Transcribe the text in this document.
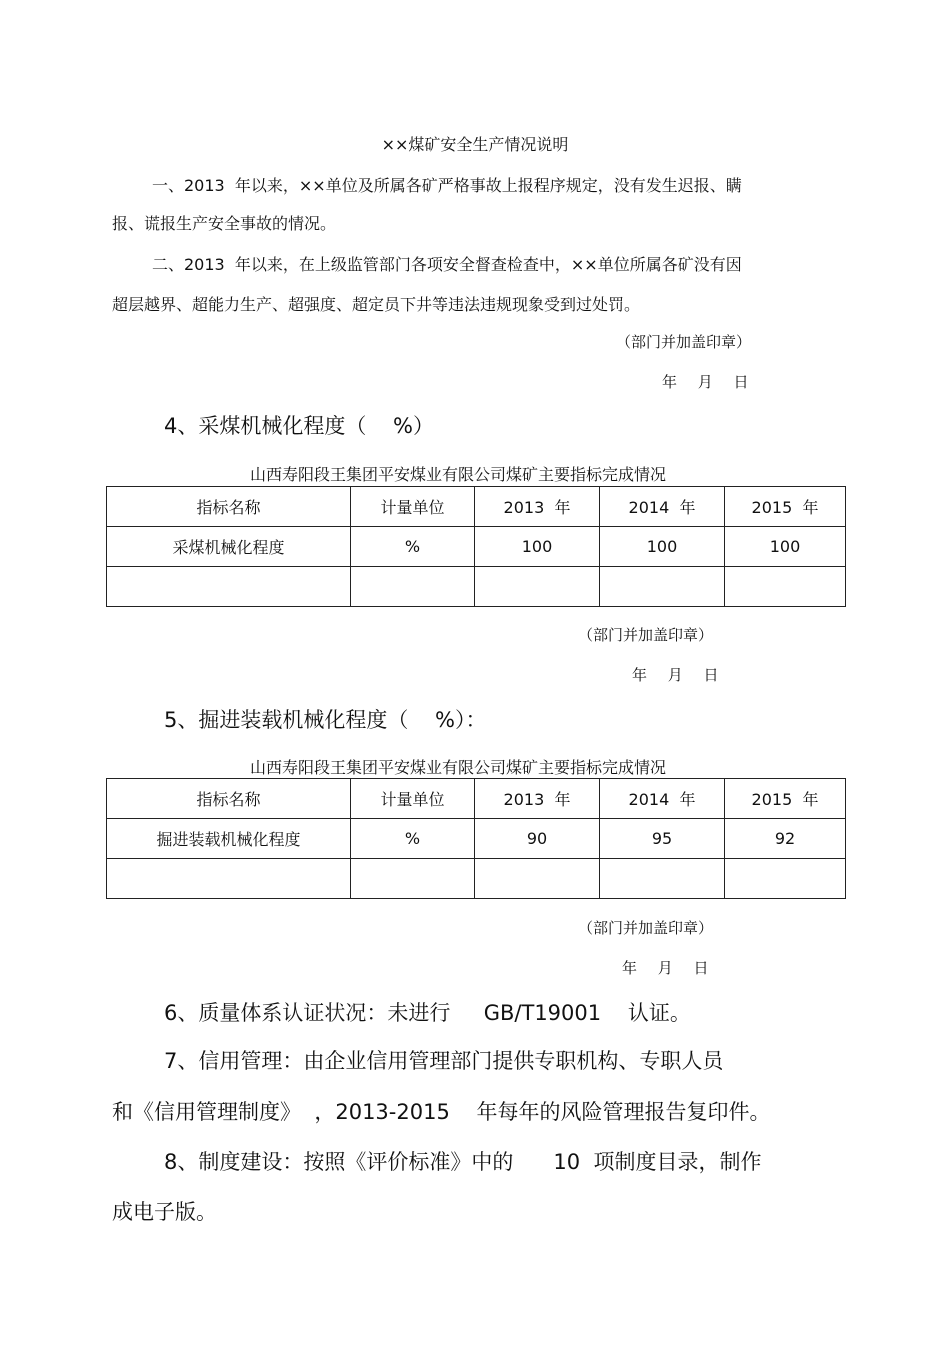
××煤矿安全生产情况说明
一、2013  年以来，××单位及所属各矿严格事故上报程序规定，没有发生迟报、瞒
报、谎报生产安全事故的情况。
二、2013  年以来，在上级监管部门各项安全督查检查中，××单位所属各矿没有因
超层越界、超能力生产、超强度、超定员下井等违法违规现象受到过处罚。
（部门并加盖印章）
年 月 日
4、采煤机械化程度（    %）
山西寿阳段王集团平安煤业有限公司煤矿主要指标完成情况
指标名称	计量单位	2013  年	2014  年	2015  年
采煤机械化程度	%	100	100	100

（部门并加盖印章）
年 月 日
5、掘进装载机械化程度（    %）：
山西寿阳段王集团平安煤业有限公司煤矿主要指标完成情况
指标名称	计量单位	2013  年	2014  年	2015  年
掘进装载机械化程度	%	90	95	92

（部门并加盖印章）
年 月 日
6、质量体系认证状况：未进行     GB/T19001    认证。
7、信用管理：由企业信用管理部门提供专职机构、专职人员
和《信用管理制度》  ，2013-2015    年每年的风险管理报告复印件。
8、制度建设：按照《评价标准》中的      10  项制度目录，制作
成电子版。
